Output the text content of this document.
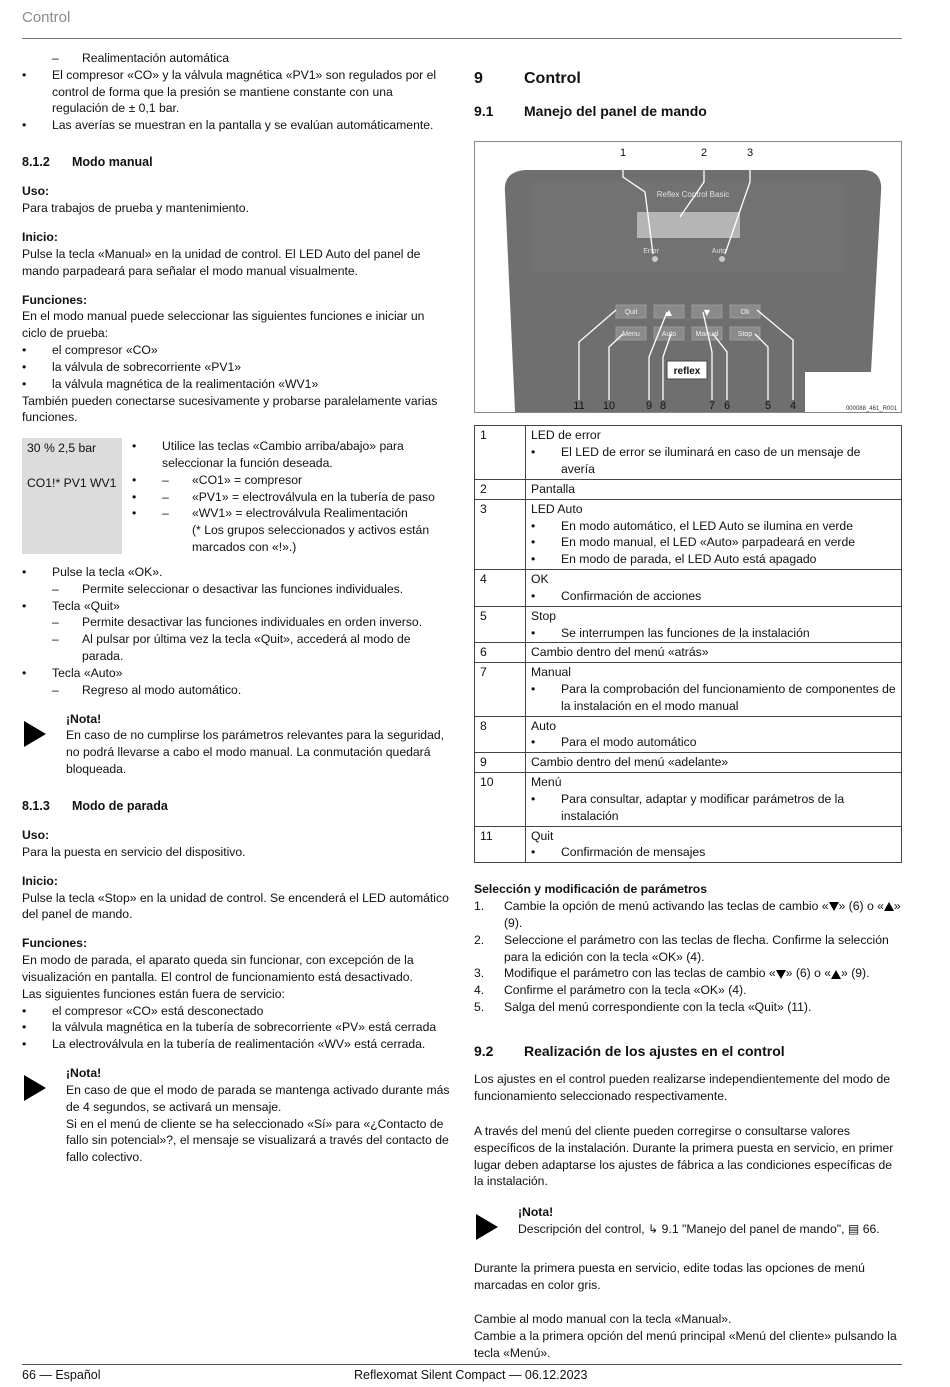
Control
– Realimentación automática
• El compresor «CO» y la válvula magnética «PV1» son regulados por el control de forma que la presión se mantiene constante con una regulación de ± 0,1 bar.
• Las averías se muestran en la pantalla y se evalúan automáticamente.
8.1.2 Modo manual
Uso:
Para trabajos de prueba y mantenimiento.
Inicio:
Pulse la tecla «Manual» en la unidad de control. El LED Auto del panel de mando parpadeará para señalar el modo manual visualmente.
Funciones:
En el modo manual puede seleccionar las siguientes funciones e iniciar un ciclo de prueba:
• el compresor «CO»
• la válvula de sobrecorriente «PV1»
• la válvula magnética de la realimentación «WV1»
También pueden conectarse sucesivamente y probarse paralelamente varias funciones.
30 % 2,5 bar
CO1!* PV1 WV1
• Utilice las teclas «Cambio arriba/abajo» para seleccionar la función deseada.
• – «CO1» = compresor
• – «PV1» = electroválvula en la tubería de paso
• – «WV1» = electroválvula Realimentación
(* Los grupos seleccionados y activos están marcados con «!».)
• Pulse la tecla «OK».
– Permite seleccionar o desactivar las funciones individuales.
• Tecla «Quit»
– Permite desactivar las funciones individuales en orden inverso.
– Al pulsar por última vez la tecla «Quit», accederá al modo de parada.
• Tecla «Auto»
– Regreso al modo automático.
¡Nota!
En caso de no cumplirse los parámetros relevantes para la seguridad, no podrá llevarse a cabo el modo manual. La conmutación quedará bloqueada.
8.1.3 Modo de parada
Uso:
Para la puesta en servicio del dispositivo.
Inicio:
Pulse la tecla «Stop» en la unidad de control. Se encenderá el LED automático del panel de mando.
Funciones:
En modo de parada, el aparato queda sin funcionar, con excepción de la visualización en pantalla. El control de funcionamiento está desactivado.
Las siguientes funciones están fuera de servicio:
• el compresor «CO» está desconectado
• la válvula magnética en la tubería de sobrecorriente «PV» está cerrada
• La electroválvula en la tubería de realimentación «WV» está cerrada.
¡Nota!
En caso de que el modo de parada se mantenga activado durante más de 4 segundos, se activará un mensaje.
Si en el menú de cliente se ha seleccionado «Sí» para «¿Contacto de fallo sin potencial»?, el mensaje se visualizará a través del contacto de fallo colectivo.
9	Control
9.1 Manejo del panel de mando
Reflex Control Basic
Error	Auto
Quit	▲	▼	Ok
Menu	Auto	Manual	Stop
reflex
1	2	3
11 10	9 8	7 6	5 4	000088_461_R001
1	LED de error
• El LED de error se iluminará en caso de un mensaje de avería

2	Pantalla

3	LED Auto
• En modo automático, el LED Auto se ilumina en verde
• En modo manual, el LED «Auto» parpadeará en verde
• En modo de parada, el LED Auto está apagado

4	OK
• Confirmación de acciones

5	Stop
• Se interrumpen las funciones de la instalación

6	Cambio dentro del menú «atrás»

7	Manual
• Para la comprobación del funcionamiento de componentes de la instalación en el modo manual

8	Auto
• Para el modo automático

9	Cambio dentro del menú «adelante»

10	Menú
• Para consultar, adaptar y modificar parámetros de la instalación

11	Quit
• Confirmación de mensajes
Selección y modificación de parámetros
1. Cambie la opción de menú activando las teclas de cambio « » (6) o « » (9).
2. Seleccione el parámetro con las teclas de flecha. Confirme la selección para la edición con la tecla «OK» (4).
3. Modifique el parámetro con las teclas de cambio « » (6) o « » (9).
4. Confirme el parámetro con la tecla «OK» (4).
5. Salga del menú correspondiente con la tecla «Quit» (11).
9.2 Realización de los ajustes en el control
Los ajustes en el control pueden realizarse independientemente del modo de funcionamiento seleccionado respectivamente.
A través del menú del cliente pueden corregirse o consultarse valores específicos de la instalación. Durante la primera puesta en servicio, en primer lugar deben adaptarse los ajustes de fábrica a las condiciones específicas de la instalación.
¡Nota!
Descripción del control, ↳ 9.1 "Manejo del panel de mando", ▤ 66.
Durante la primera puesta en servicio, edite todas las opciones de menú marcadas en color gris.
Cambie al modo manual con la tecla «Manual».
Cambie a la primera opción del menú principal «Menú del cliente» pulsando la tecla «Menú».
66 — Español	Reflexomat Silent Compact — 06.12.2023
